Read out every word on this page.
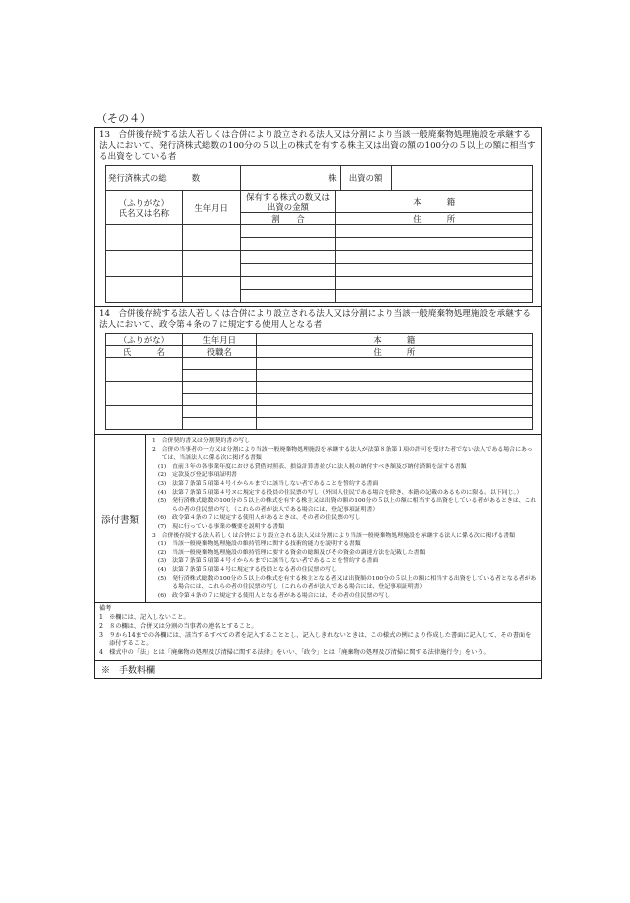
（その４）
13　合併後存続する法人若しくは合併により設立される法人又は分割により当該一般廃棄物処理施設を承継する法人において、発行済株式総数の100分の５以上の株式を有する株主又は出資の額の100分の５以上の額に相当する出資をしている者
発行済株式の総　　　数		株 出資の額	

（ふりがな）
氏名又は名称	生年月日	保有する株式の数又は出資の金額	本　　　籍
		割　　合	住　　　所

14　合併後存続する法人若しくは合併により設立される法人又は分割により当該一般廃棄物処理施設を承継する法人において、政令第４条の７に規定する使用人となる者
（ふりがな）	生年月日	本　　　籍
氏　　　名	役職名	住　　　所

添付書類
1　 合併契約書又は分割契約書の写し
2　 合併の当事者の一方又は分割により当該一般廃棄物処理施設を承継する法人が法第８条第１項の許可を受けた者でない法人である場合にあっては、当該法人に係る次に掲げる書類
　(1)　 直前３年の各事業年度における貸借対照表、損益計算書並びに法人税の納付すべき額及び納付済額を証する書類
　(2)　 定款及び登記事項証明書
　(3)　 法第７条第５項第４号イからルまでに該当しない者であることを誓約する書面
　(4)　 法第７条第５項第４号ヌに規定する役員の住民票の写し（外国人住民である場合を除き、本籍の記載のあるものに限る。以下同じ。）
　(5)　 発行済株式総数の100分の５以上の株式を有する株主又は出資の額の100分の５以上の額に相当する出資をしている者があるときは、これらの者の住民票の写し（これらの者が法人である場合には、登記事項証明書）
　(6)　 政令第４条の７に規定する使用人があるときは、その者の住民票の写し
　(7)　 現に行っている事業の概要を説明する書類
3　 合併後存続する法人若しくは合併により設立される法人又は分割により当該一般廃棄物処理施設を承継する法人に係る次に掲げる書類
　(1)　 当該一般廃棄物処理施設の維持管理に関する技術的能力を説明する書類
　(2)　 当該一般廃棄物処理施設の維持管理に要する資金の総額及びその資金の調達方法を記載した書類
　(3)　 法第７条第５項第４号イからルまでに該当しない者であることを誓約する書面
　(4)　 法第７条第５項第４号に規定する役員となる者の住民票の写し
　(5)　 発行済株式総数の100分の５以上の株式を有する株主となる者又は出資額の100分の５以上の額に相当する出資をしている者となる者がある場合には、これらの者の住民票の写し（これらの者が法人である場合には、登記事項証明書）
　(6)　 政令第４条の７に規定する使用人となる者がある場合には、その者の住民票の写し
備考
1　 ※欄には、記入しないこと。
2　 ８の欄は、合併又は分割の当事者の連名とすること。
3　 ９から14までの各欄には、該当するすべての者を記入することとし、記入しきれないときは、この様式の例により作成した書面に記入して、その書面を添付すること。
4　 様式中の「法」とは「廃棄物の処理及び清掃に関する法律」をいい、「政令」とは「廃棄物の処理及び清掃に関する法律施行令」をいう。
※　手数料欄
